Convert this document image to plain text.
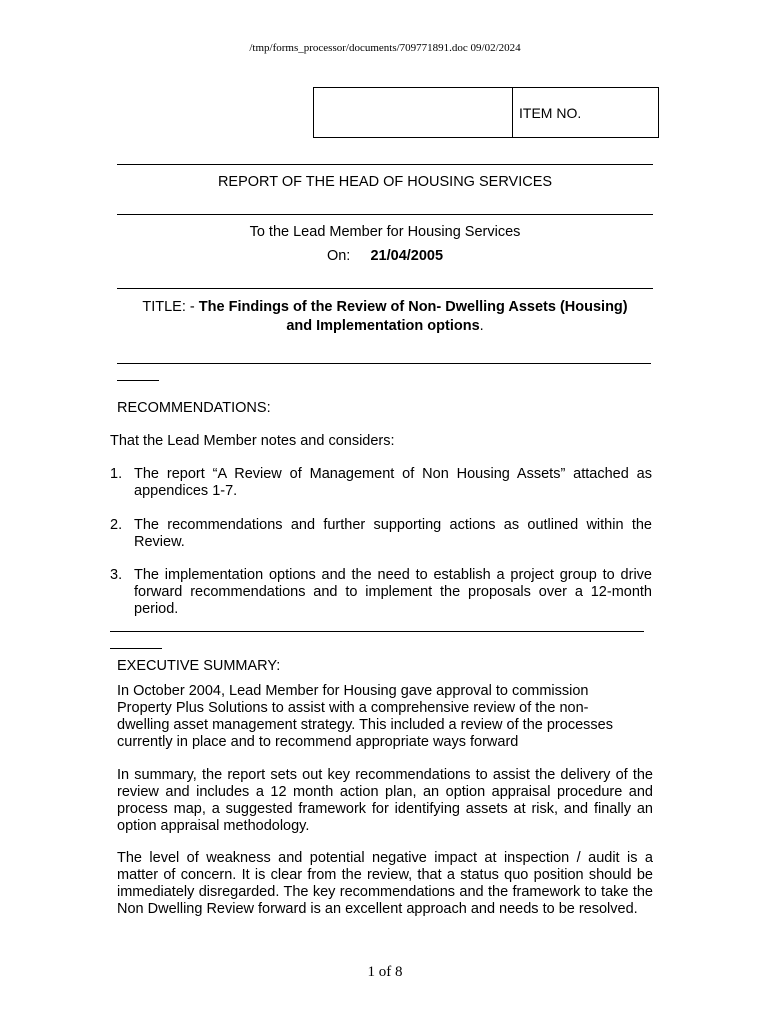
/tmp/forms_processor/documents/709771891.doc 09/02/2024
ITEM NO.
REPORT OF THE HEAD OF HOUSING SERVICES
To the Lead Member for Housing Services
On: 21/04/2005
TITLE: - The Findings of the Review of Non- Dwelling Assets (Housing)
and Implementation options.
RECOMMENDATIONS:
That the Lead Member notes and considers:
1. The report “A Review of Management of Non Housing Assets” attached as appendices 1-7.
2. The recommendations and further supporting actions as outlined within the Review.
3. The implementation options and the need to establish a project group to drive forward recommendations and to implement the proposals over a 12-month period.
EXECUTIVE SUMMARY:
In October 2004, Lead Member for Housing gave approval to commission Property Plus Solutions to assist with a comprehensive review of the non-dwelling asset management strategy. This included a review of the processes currently in place and to recommend appropriate ways forward
In summary, the report sets out key recommendations to assist the delivery of the review and includes a 12 month action plan, an option appraisal procedure and process map, a suggested framework for identifying assets at risk, and finally an option appraisal methodology.
The level of weakness and potential negative impact at inspection / audit is a matter of concern. It is clear from the review, that a status quo position should be immediately disregarded. The key recommendations and the framework to take the Non Dwelling Review forward is an excellent approach and needs to be resolved.
1 of 8
